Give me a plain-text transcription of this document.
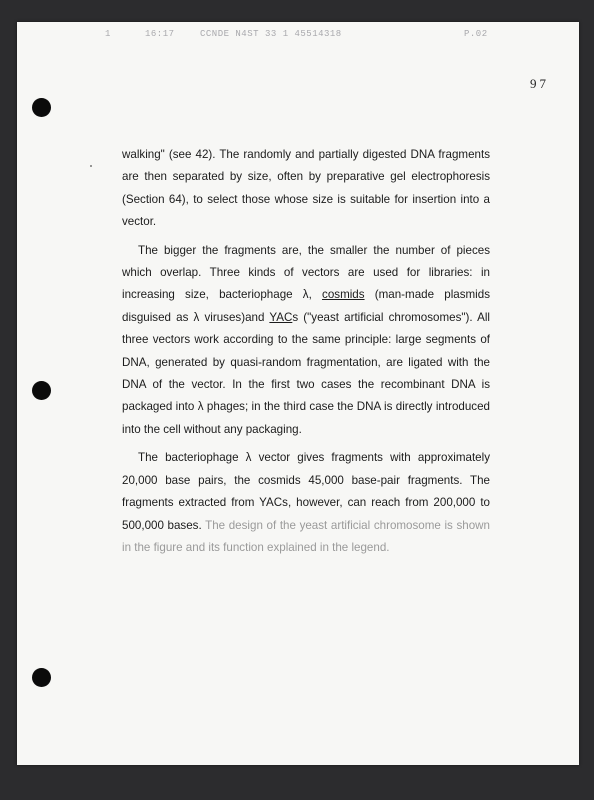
1	16:17	CCNDE N4ST 33 1 45514318	P.02
97

walking" (see 42). The randomly and partially digested DNA fragments are then separated by size, often by preparative gel electrophoresis (Section 64), to select those whose size is suitable for insertion into a vector.

The bigger the fragments are, the smaller the number of pieces which overlap. Three kinds of vectors are used for libraries: in increasing size, bacteriophage λ, cosmids (man-made plasmids disguised as λ viruses)and YACs ("yeast artificial chromosomes"). All three vectors work according to the same principle: large segments of DNA, generated by quasi-random fragmentation, are ligated with the DNA of the vector. In the first two cases the recombinant DNA is packaged into λ phages; in the third case the DNA is directly introduced into the cell without any packaging.

The bacteriophage λ vector gives fragments with approximately 20,000 base pairs, the cosmids 45,000 base-pair fragments. The fragments extracted from YACs, however, can reach from 200,000 to 500,000 bases. The design of the yeast artificial chromosome is shown in the figure and its function explained in the legend.
